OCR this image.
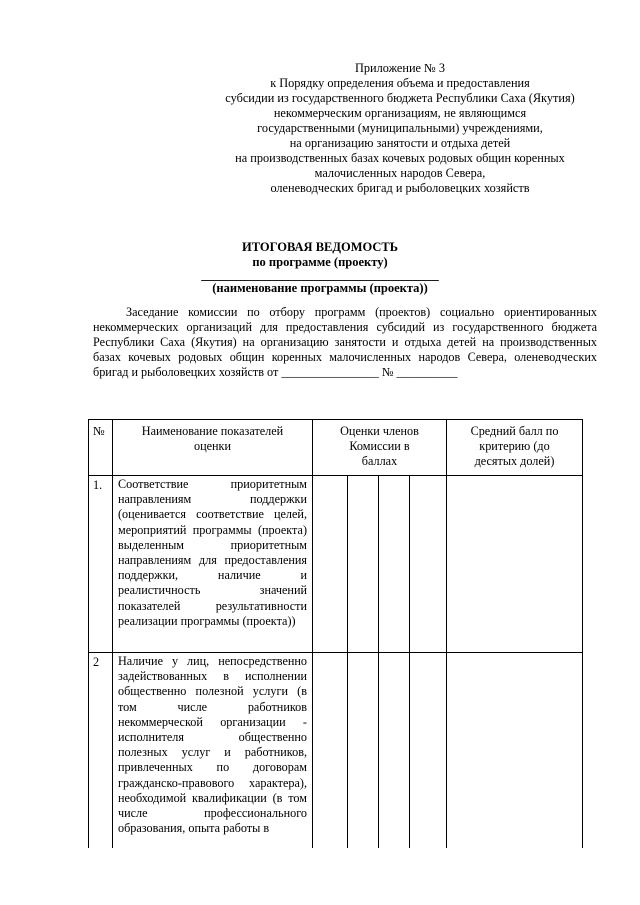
Приложение № 3
к Порядку определения объема и предоставления
субсидии из государственного бюджета Республики Саха (Якутия)
некоммерческим организациям, не являющимся
государственными (муниципальными) учреждениями,
на организацию занятости и отдыха детей
на производственных базах кочевых родовых общин коренных
малочисленных народов Севера,
оленеводческих бригад и рыболовецких хозяйств
ИТОГОВАЯ ВЕДОМОСТЬ
по программе (проекту)
______________________________________
(наименование программы (проекта))

Заседание комиссии по отбору программ (проектов) социально ориентированных некоммерческих организаций для предоставления субсидий из государственного бюджета Республики Саха (Якутия) на организацию занятости и отдыха детей на производственных базах кочевых родовых общин коренных малочисленных народов Севера, оленеводческих бригад и рыболовецких хозяйств от ________________ № __________

№	Наименование показателей оценки	Оценки членов Комиссии в баллах				Средний балл по критерию (до десятых долей)
1.	Соответствие приоритетным направлениям поддержки (оценивается соответствие целей, мероприятий программы (проекта) выделенным приоритетным направлениям для предоставления поддержки, наличие и реалистичность значений показателей результативности реализации программы (проекта))					
2	Наличие у лиц, непосредственно задействованных в исполнении общественно полезной услуги (в том числе работников некоммерческой организации - исполнителя общественно полезных услуг и работников, привлеченных по договорам гражданско-правового характера), необходимой квалификации (в том числе профессионального образования, опыта работы в					
